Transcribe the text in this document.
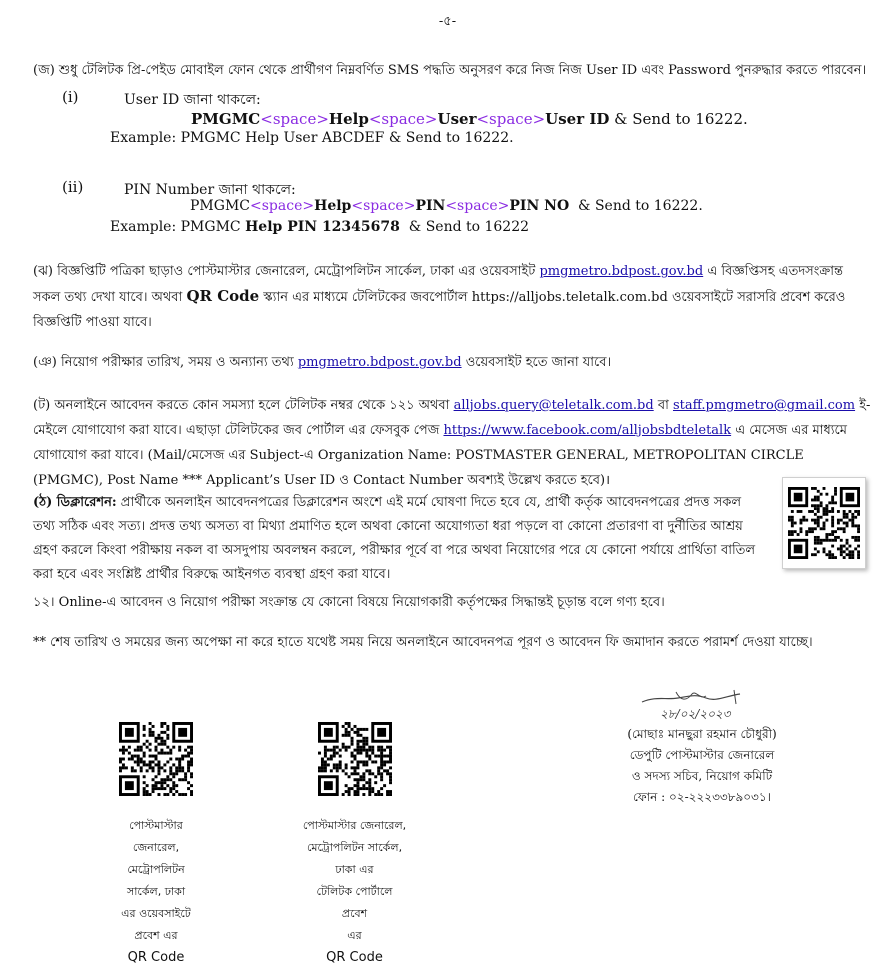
-৫-
(জ) শুধু টেলিটক প্রি-পেইড মোবাইল ফোন থেকে প্রার্থীগণ নিম্নবর্ণিত SMS পদ্ধতি অনুসরণ করে নিজ নিজ User ID এবং Password পুনরুদ্ধার করতে পারবেন।
(i)	User ID জানা থাকলে:
PMGMC<space>Help<space>User<space>User ID & Send to 16222.
Example: PMGMC Help User ABCDEF & Send to 16222.
(ii)	PIN Number জানা থাকলে:
PMGMC<space>Help<space>PIN<space>PIN NO  & Send to 16222.
Example: PMGMC Help PIN 12345678  & Send to 16222
(ঝ) বিজ্ঞপ্তিটি পত্রিকা ছাড়াও পোস্টমাস্টার জেনারেল, মেট্রোপলিটন সার্কেল, ঢাকা এর ওয়েবসাইট pmgmetro.bdpost.gov.bd এ বিজ্ঞপ্তিসহ এতদসংক্রান্ত সকল তথ্য দেখা যাবে। অথবা QR Code স্ক্যান এর মাধ্যমে টেলিটকের জবপোর্টাল https://alljobs.teletalk.com.bd ওয়েবসাইটে সরাসরি প্রবেশ করেও বিজ্ঞপ্তিটি পাওয়া যাবে।
(ঞ) নিয়োগ পরীক্ষার তারিখ, সময় ও অন্যান্য তথ্য pmgmetro.bdpost.gov.bd ওয়েবসাইট হতে জানা যাবে।
(ট) অনলাইনে আবেদন করতে কোন সমস্যা হলে টেলিটক নম্বর থেকে ১২১ অথবা alljobs.query@teletalk.com.bd বা staff.pmgmetro@gmail.com ই-মেইলে যোগাযোগ করা যাবে। এছাড়া টেলিটকের জব পোর্টাল এর ফেসবুক পেজ https://www.facebook.com/alljobsbdteletalk এ মেসেজ এর মাধ্যমে যোগাযোগ করা যাবে। (Mail/মেসেজ এর Subject-এ Organization Name: POSTMASTER GENERAL, METROPOLITAN CIRCLE (PMGMC), Post Name *** Applicant’s User ID ও Contact Number অবশ্যই উল্লেখ করতে হবে)।
(ঠ) ডিক্লারেশন: প্রার্থীকে অনলাইন আবেদনপত্রের ডিক্লারেশন অংশে এই মর্মে ঘোষণা দিতে হবে যে, প্রার্থী কর্তৃক আবেদনপত্রের প্রদত্ত সকল তথ্য সঠিক এবং সত্য। প্রদত্ত তথ্য অসত্য বা মিথ্যা প্রমাণিত হলে অথবা কোনো অযোগ্যতা ধরা পড়লে বা কোনো প্রতারণা বা দুর্নীতির আশ্রয় গ্রহণ করলে কিংবা পরীক্ষায় নকল বা অসদুপায় অবলম্বন করলে, পরীক্ষার পূর্বে বা পরে অথবা নিয়োগের পরে যে কোনো পর্যায়ে প্রার্থিতা বাতিল করা হবে এবং সংশ্লিষ্ট প্রার্থীর বিরুদ্ধে আইনগত ব্যবস্থা গ্রহণ করা যাবে।
১২। Online-এ আবেদন ও নিয়োগ পরীক্ষা সংক্রান্ত যে কোনো বিষয়ে নিয়োগকারী কর্তৃপক্ষের সিদ্ধান্তই চূড়ান্ত বলে গণ্য হবে।
** শেষ তারিখ ও সময়ের জন্য অপেক্ষা না করে হাতে যথেষ্ট সময় নিয়ে অনলাইনে আবেদনপত্র পূরণ ও আবেদন ফি জমাদান করতে পরামর্শ দেওয়া যাচ্ছে।
২৮/০২/২০২৩
(মোছাঃ মানছুরা রহমান চৌধুরী)
ডেপুটি পোস্টমাস্টার জেনারেল
ও সদস্য সচিব, নিয়োগ কমিটি
ফোন : ০২-২২২৩৩৮৯০৩১।
পোস্টমাস্টার
জেনারেল,
মেট্রোপলিটন
সার্কেল, ঢাকা
এর ওয়েবসাইটে
প্রবেশ এর
QR Code
পোস্টমাস্টার জেনারেল,
মেট্রোপলিটন সার্কেল,
ঢাকা এর
টেলিটক পোর্টালে
প্রবেশ
এর
QR Code
